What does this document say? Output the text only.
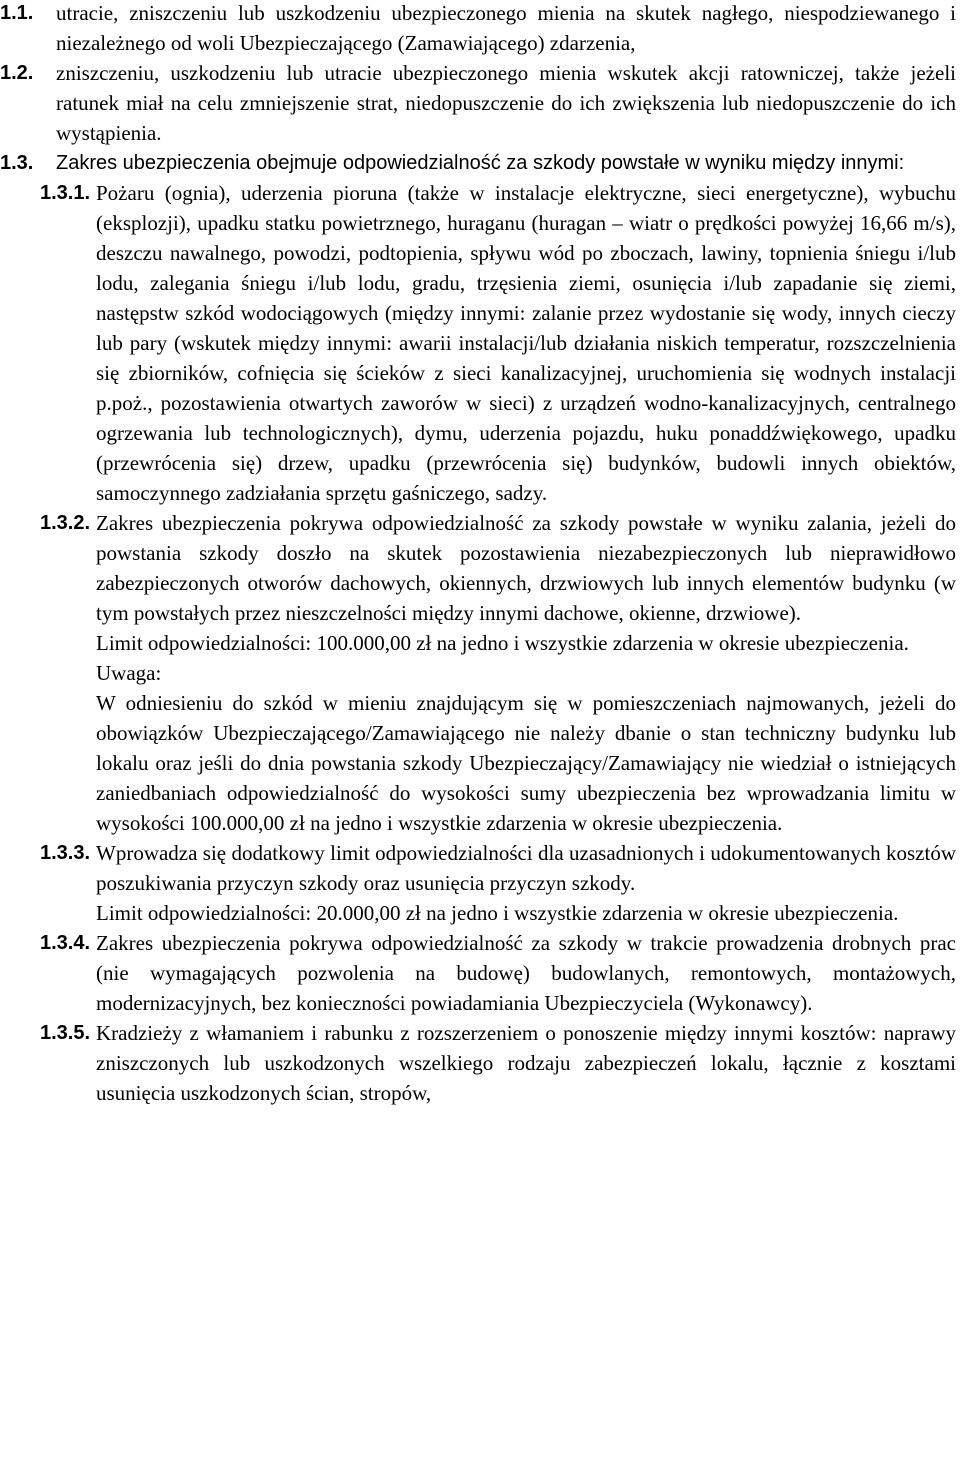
1.1. utracie, zniszczeniu lub uszkodzeniu ubezpieczonego mienia na skutek nagłego, niespodziewanego i niezależnego od woli Ubezpieczającego (Zamawiającego) zdarzenia,
1.2. zniszczeniu, uszkodzeniu lub utracie ubezpieczonego mienia wskutek akcji ratowniczej, także jeżeli ratunek miał na celu zmniejszenie strat, niedopuszczenie do ich zwiększenia lub niedopuszczenie do ich wystąpienia.
1.3. Zakres ubezpieczenia obejmuje odpowiedzialność za szkody powstałe w wyniku między innymi:
1.3.1. Pożaru (ognia), uderzenia pioruna (także w instalacje elektryczne, sieci energetyczne), wybuchu (eksplozji), upadku statku powietrznego, huraganu (huragan – wiatr o prędkości powyżej 16,66 m/s), deszczu nawalnego, powodzi, podtopienia, spływu wód po zboczach, lawiny, topnienia śniegu i/lub lodu, zalegania śniegu i/lub lodu, gradu, trzęsienia ziemi, osunięcia i/lub zapadanie się ziemi, następstw szkód wodociągowych (między innymi: zalanie przez wydostanie się wody, innych cieczy lub pary (wskutek między innymi: awarii instalacji/lub działania niskich temperatur, rozszczelnienia się zbiorników, cofnięcia się ścieków z sieci kanalizacyjnej, uruchomienia się wodnych instalacji p.poż., pozostawienia otwartych zaworów w sieci) z urządzeń wodno-kanalizacyjnych, centralnego ogrzewania lub technologicznych), dymu, uderzenia pojazdu, huku ponaddźwiękowego, upadku (przewrócenia się) drzew, upadku (przewrócenia się) budynków, budowli innych obiektów, samoczynnego zadziałania sprzętu gaśniczego, sadzy.
1.3.2. Zakres ubezpieczenia pokrywa odpowiedzialność za szkody powstałe w wyniku zalania, jeżeli do powstania szkody doszło na skutek pozostawienia niezabezpieczonych lub nieprawidłowo zabezpieczonych otworów dachowych, okiennych, drzwiowych lub innych elementów budynku (w tym powstałych przez nieszczelności między innymi dachowe, okienne, drzwiowe).

Limit odpowiedzialności: 100.000,00 zł na jedno i wszystkie zdarzenia w okresie ubezpieczenia.

Uwaga:

W odniesieniu do szkód w mieniu znajdującym się w pomieszczeniach najmowanych, jeżeli do obowiązków Ubezpieczającego/Zamawiającego nie należy dbanie o stan techniczny budynku lub lokalu oraz jeśli do dnia powstania szkody Ubezpieczający/Zamawiający nie wiedział o istniejących zaniedbaniach odpowiedzialność do wysokości sumy ubezpieczenia bez wprowadzania limitu w wysokości 100.000,00 zł na jedno i wszystkie zdarzenia w okresie ubezpieczenia.

1.3.3. Wprowadza się dodatkowy limit odpowiedzialności dla uzasadnionych i udokumentowanych kosztów poszukiwania przyczyn szkody oraz usunięcia przyczyn szkody.

Limit odpowiedzialności: 20.000,00 zł na jedno i wszystkie zdarzenia w okresie ubezpieczenia.

1.3.4. Zakres ubezpieczenia pokrywa odpowiedzialność za szkody w trakcie prowadzenia drobnych prac (nie wymagających pozwolenia na budowę) budowlanych, remontowych, montażowych, modernizacyjnych, bez konieczności powiadamiania Ubezpieczyciela (Wykonawcy).
1.3.5. Kradzieży z włamaniem i rabunku z rozszerzeniem o ponoszenie między innymi kosztów: naprawy zniszczonych lub uszkodzonych wszelkiego rodzaju zabezpieczeń lokalu, łącznie z kosztami usunięcia uszkodzonych ścian, stropów,
